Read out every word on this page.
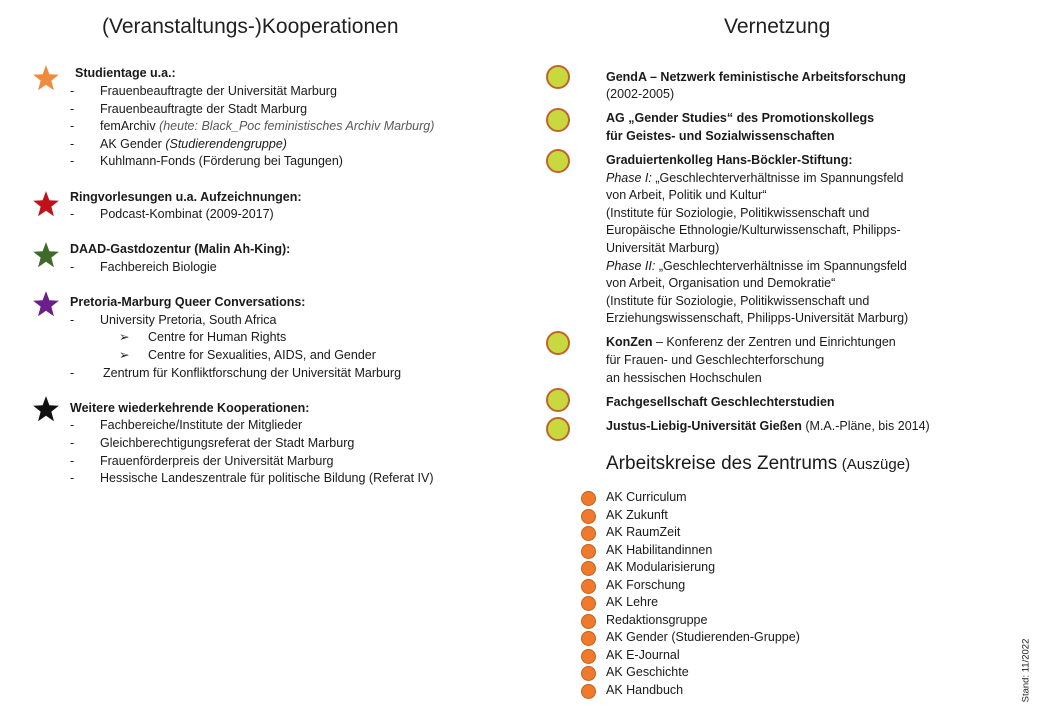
(Veranstaltungs-)Kooperationen	Vernetzung
Studientage u.a.:
- Frauenbeauftragte der Universität Marburg
- Frauenbeauftragte der Stadt Marburg
- femArchiv (heute: Black_Poc feministisches Archiv Marburg)
- AK Gender (Studierendengruppe)
- Kuhlmann-Fonds (Förderung bei Tagungen)
Ringvorlesungen u.a. Aufzeichnungen:
- Podcast-Kombinat (2009-2017)
DAAD-Gastdozentur (Malin Ah-King):
- Fachbereich Biologie
Pretoria-Marburg Queer Conversations:
- University Pretoria, South Africa
➢ Centre for Human Rights
➢ Centre for Sexualities, AIDS, and Gender
- Zentrum für Konfliktforschung der Universität Marburg
Weitere wiederkehrende Kooperationen:
- Fachbereiche/Institute der Mitglieder
- Gleichberechtigungsreferat der Stadt Marburg
- Frauenförderpreis der Universität Marburg
- Hessische Landeszentrale für politische Bildung (Referat IV)
GendA – Netzwerk feministische Arbeitsforschung
(2002-2005)
AG „Gender Studies“ des Promotionskollegs
für Geistes- und Sozialwissenschaften
Graduiertenkolleg Hans-Böckler-Stiftung:
Phase I: „Geschlechterverhältnisse im Spannungsfeld
von Arbeit, Politik und Kultur“
(Institute für Soziologie, Politikwissenschaft und
Europäische Ethnologie/Kulturwissenschaft, Philipps-
Universität Marburg)
Phase II: „Geschlechterverhältnisse im Spannungsfeld
von Arbeit, Organisation und Demokratie“
(Institute für Soziologie, Politikwissenschaft und
Erziehungswissenschaft, Philipps-Universität Marburg)
KonZen – Konferenz der Zentren und Einrichtungen
für Frauen- und Geschlechterforschung
an hessischen Hochschulen
Fachgesellschaft Geschlechterstudien
Justus-Liebig-Universität Gießen (M.A.-Pläne, bis 2014)
Arbeitskreise des Zentrums (Auszüge)
AK Curriculum
AK Zukunft
AK RaumZeit
AK Habilitandinnen
AK Modularisierung
AK Forschung
AK Lehre
Redaktionsgruppe
AK Gender (Studierenden-Gruppe)
AK E-Journal
AK Geschichte
AK Handbuch	Stand: 11/2022
